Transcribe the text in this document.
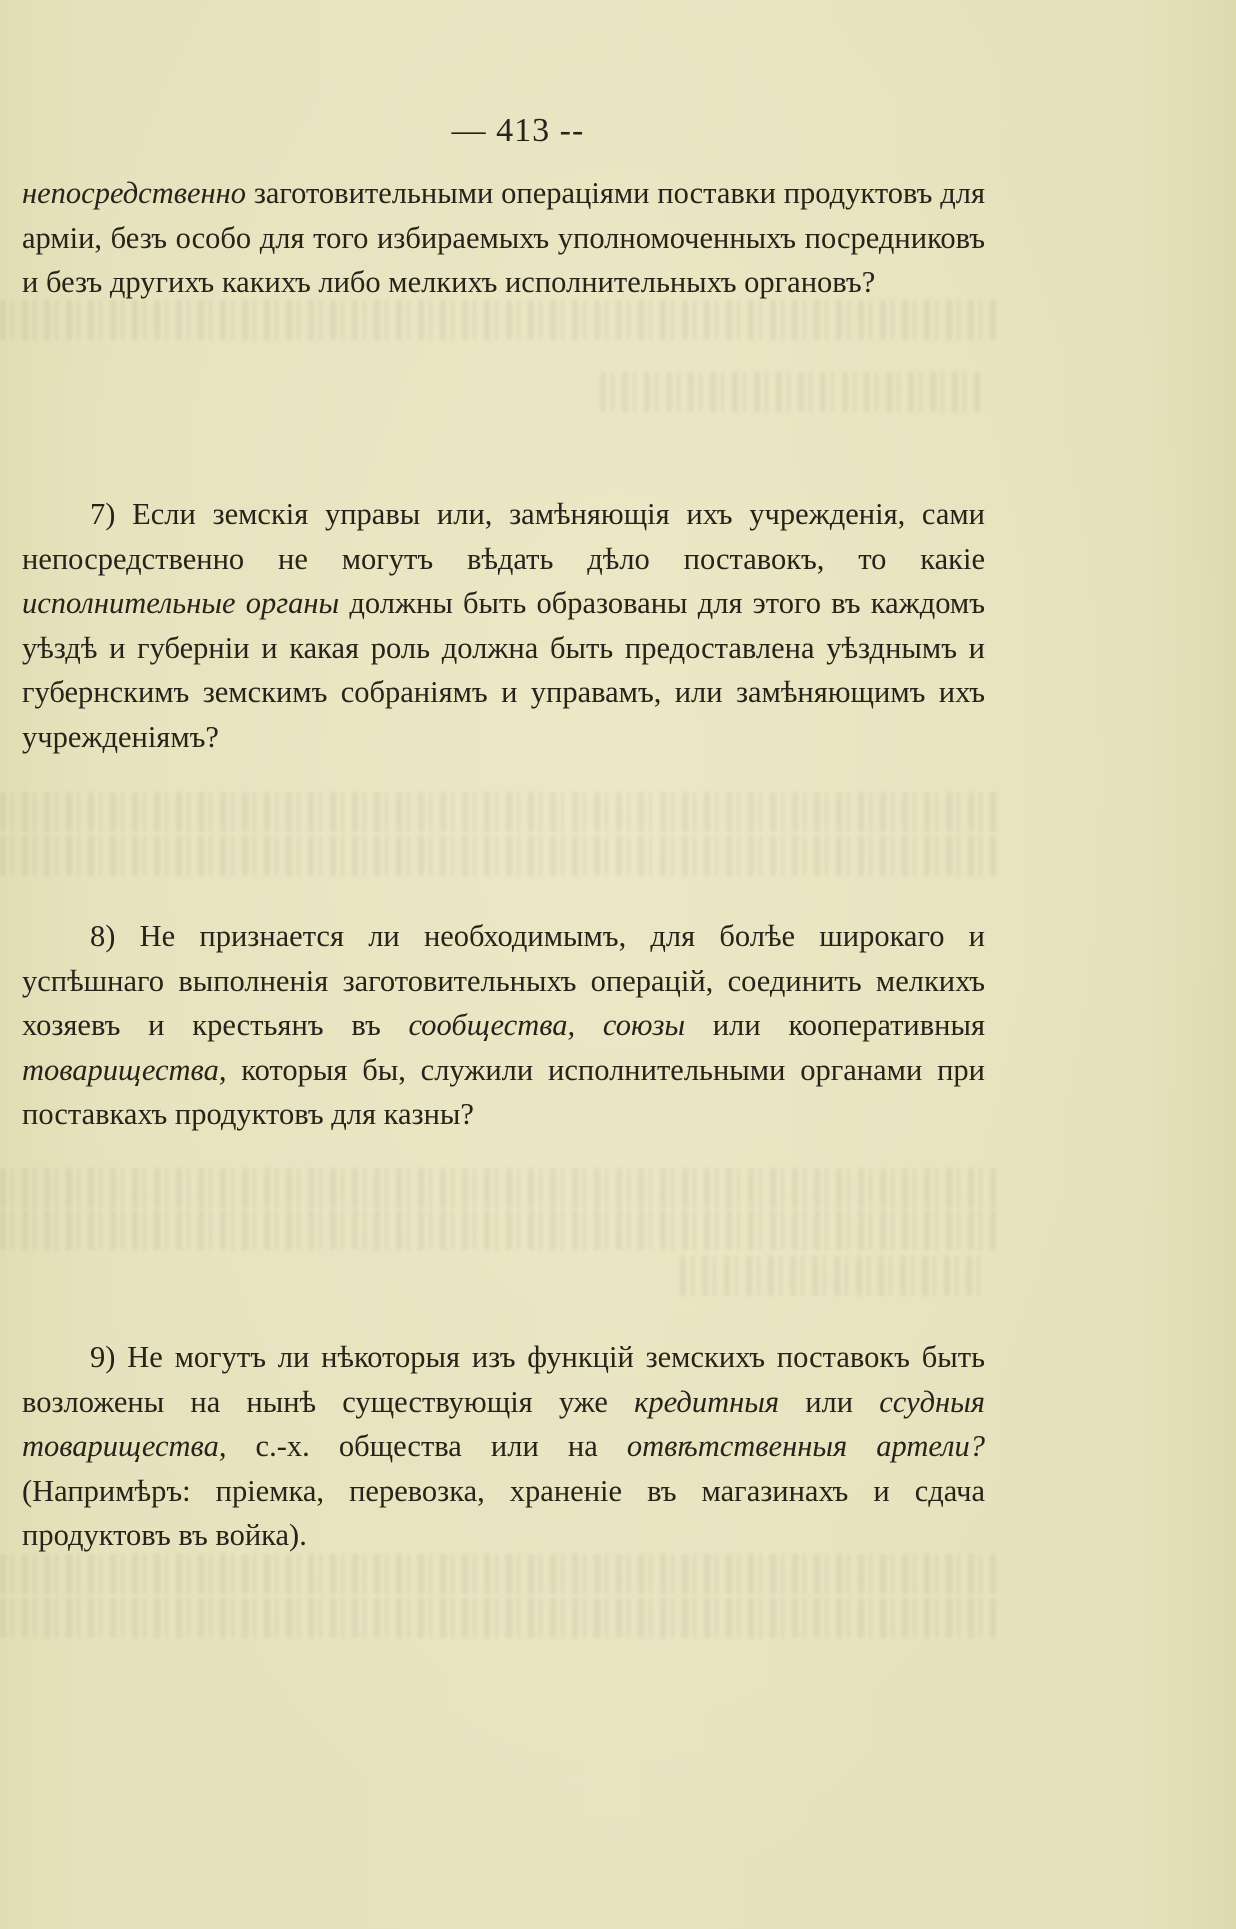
— 413 --

непосредственно заготовительными операціями поставки продуктовъ для арміи, безъ особо для того избираемыхъ уполномоченныхъ посредниковъ и безъ другихъ какихъ либо мелкихъ исполнительныхъ органовъ?

7) Если земскія управы или, замѣняющія ихъ учрежденія, сами непосредственно не могутъ вѣдать дѣло поставокъ, то какіе исполнительные органы должны быть образованы для этого въ каждомъ уѣздѣ и губерніи и какая роль должна быть предоставлена уѣзднымъ и губернскимъ земскимъ собраніямъ и управамъ, или замѣняющимъ ихъ учрежденіямъ?

8) Не признается ли необходимымъ, для болѣе широкаго и успѣшнаго выполненія заготовительныхъ операцій, соединить мелкихъ хозяевъ и крестьянъ въ сообщества, союзы или кооперативныя товарищества, которыя бы, служили исполнительными органами при поставкахъ продуктовъ для казны?

9) Не могутъ ли нѣкоторыя изъ функцій земскихъ поставокъ быть возложены на нынѣ существующія уже кредитныя или ссудныя товарищества, с.-х. общества или на отвѣтственныя артели? (Напримѣръ: пріемка, перевозка, храненіе въ магазинахъ и сдача продуктовъ въ войка).
